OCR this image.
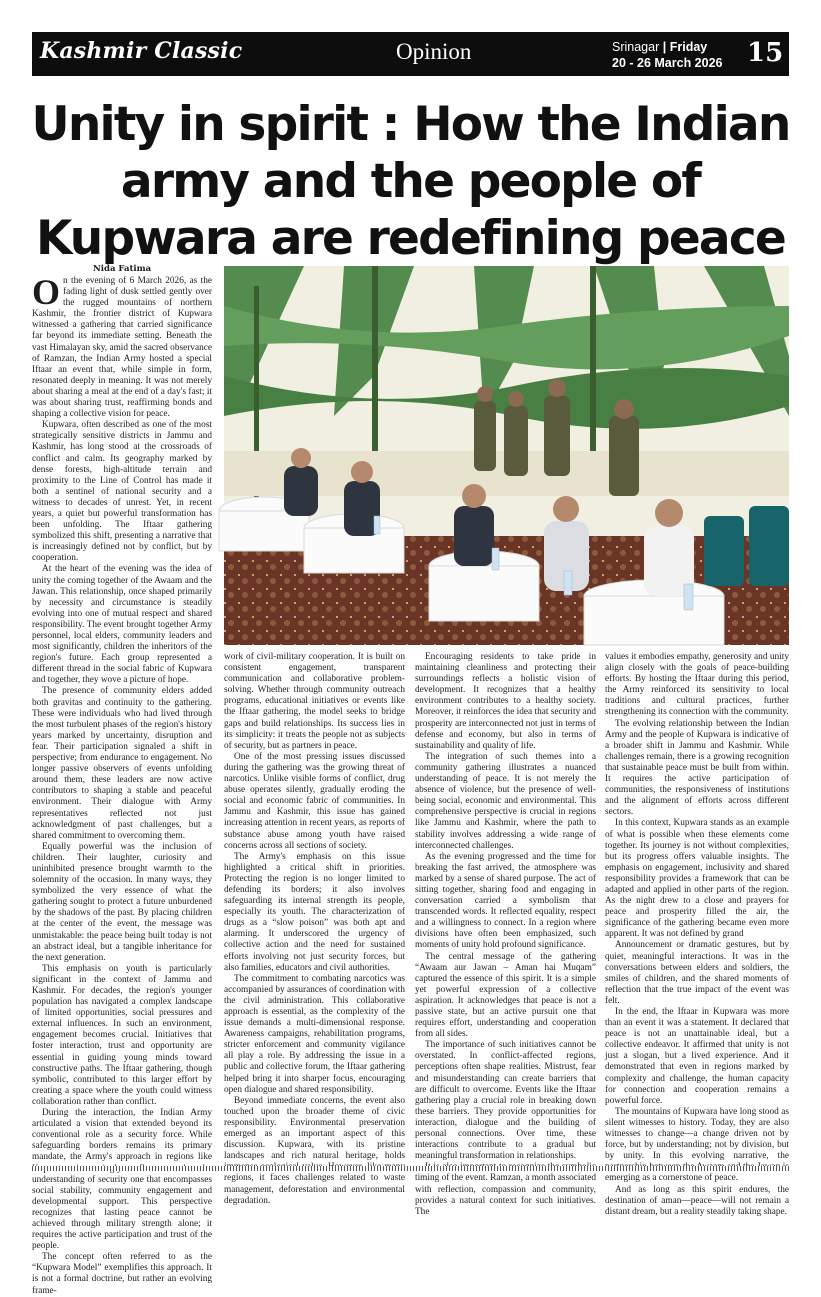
Kashmir Classic	Opinion	Srinagar | Friday
20 - 26 March 2026 15
Unity in spirit : How the Indian army and the people of Kupwara are redefining peace
Nida Fatima

On the evening of 6 March 2026, as the fading light of dusk settled gently over the rugged mountains of northern Kashmir, the frontier district of Kupwara witnessed a gathering that carried significance far beyond its immediate setting. Beneath the vast Himalayan sky, amid the sacred observance of Ramzan, the Indian Army hosted a special Iftaar an event that, while simple in form, resonated deeply in meaning. It was not merely about sharing a meal at the end of a day's fast; it was about sharing trust, reaffirming bonds and shaping a collective vision for peace.

Kupwara, often described as one of the most strategically sensitive districts in Jammu and Kashmir, has long stood at the crossroads of conflict and calm. Its geography marked by dense forests, high-altitude terrain and proximity to the Line of Control has made it both a sentinel of national security and a witness to decades of unrest. Yet, in recent years, a quiet but powerful transformation has been unfolding. The Iftaar gathering symbolized this shift, presenting a narrative that is increasingly defined not by conflict, but by cooperation.

At the heart of the evening was the idea of unity the coming together of the Awaam and the Jawan. This relationship, once shaped primarily by necessity and circumstance is steadily evolving into one of mutual respect and shared responsibility. The event brought together Army personnel, local elders, community leaders and most significantly, children the inheritors of the region's future. Each group represented a different thread in the social fabric of Kupwara and together, they wove a picture of hope.

The presence of community elders added both gravitas and continuity to the gathering. These were individuals who had lived through the most turbulent phases of the region's history years marked by uncertainty, disruption and fear. Their participation signaled a shift in perspective; from endurance to engagement. No longer passive observers of events unfolding around them, these leaders are now active contributors to shaping a stable and peaceful environment. Their dialogue with Army representatives reflected not just acknowledgment of past challenges, but a shared commitment to overcoming them.

Equally powerful was the inclusion of children. Their laughter, curiosity and uninhibited presence brought warmth to the solemnity of the occasion. In many ways, they symbolized the very essence of what the gathering sought to protect a future unburdened by the shadows of the past. By placing children at the center of the event, the message was unmistakable: the peace being built today is not an abstract ideal, but a tangible inheritance for the next generation.

This emphasis on youth is particularly significant in the context of Jammu and Kashmir. For decades, the region's younger population has navigated a complex landscape of limited opportunities, social pressures and external influences. In such an environment, engagement becomes crucial. Initiatives that foster interaction, trust and opportunity are essential in guiding young minds toward constructive paths. The Iftaar gathering, though symbolic, contributed to this larger effort by creating a space where the youth could witness collaboration rather than conflict.

During the interaction, the Indian Army articulated a vision that extended beyond its conventional role as a security force. While safeguarding borders remains its primary mandate, the Army's approach in regions like understanding of security one that encompasses social stability, community engagement and developmental support. This perspective recognizes that lasting peace cannot be achieved through military strength alone; it requires the active participation and trust of the people.

The concept often referred to as the “Kupwara Model” exemplifies this approach. It is not a formal doctrine, but rather an evolving frame-

work of civil-military cooperation. It is built on consistent engagement, transparent communication and collaborative problem-solving. Whether through community outreach programs, educational initiatives or events like the Iftaar gathering, the model seeks to bridge gaps and build relationships. Its success lies in its simplicity: it treats the people not as subjects of security, but as partners in peace.

One of the most pressing issues discussed during the gathering was the growing threat of narcotics. Unlike visible forms of conflict, drug abuse operates silently, gradually eroding the social and economic fabric of communities. In Jammu and Kashmir, this issue has gained increasing attention in recent years, as reports of substance abuse among youth have raised concerns across all sections of society.

The Army's emphasis on this issue highlighted a critical shift in priorities. Protecting the region is no longer limited to defending its borders; it also involves safeguarding its internal strength its people, especially its youth. The characterization of drugs as a “slow poison” was both apt and alarming. It underscored the urgency of collective action and the need for sustained efforts involving not just security forces, but also families, educators and civil authorities.

The commitment to combating narcotics was accompanied by assurances of coordination with the civil administration. This collaborative approach is essential, as the complexity of the issue demands a multi-dimensional response. Awareness campaigns, rehabilitation programs, stricter enforcement and community vigilance all play a role. By addressing the issue in a public and collective forum, the Iftaar gathering helped bring it into sharper focus, encouraging open dialogue and shared responsibility.

Beyond immediate concerns, the event also touched upon the broader theme of civic responsibility. Environmental preservation emerged as an important aspect of this discussion. Kupwara, with its pristine landscapes and rich natural heritage, holds regions, it faces challenges related to waste management, deforestation and environmental degradation.

Encouraging residents to take pride in maintaining cleanliness and protecting their surroundings reflects a holistic vision of development. It recognizes that a healthy environment contributes to a healthy society. Moreover, it reinforces the idea that security and prosperity are interconnected not just in terms of defense and economy, but also in terms of sustainability and quality of life.

The integration of such themes into a community gathering illustrates a nuanced understanding of peace. It is not merely the absence of violence, but the presence of well-being social, economic and environmental. This comprehensive perspective is crucial in regions like Jammu and Kashmir, where the path to stability involves addressing a wide range of interconnected challenges.

As the evening progressed and the time for breaking the fast arrived, the atmosphere was marked by a sense of shared purpose. The act of sitting together, sharing food and engaging in conversation carried a symbolism that transcended words. It reflected equality, respect and a willingness to connect. In a region where divisions have often been emphasized, such moments of unity hold profound significance.

The central message of the gathering “Awaam aur Jawan – Aman hai Muqam” captured the essence of this spirit. It is a simple yet powerful expression of a collective aspiration. It acknowledges that peace is not a passive state, but an active pursuit one that requires effort, understanding and cooperation from all sides.

The importance of such initiatives cannot be overstated. In conflict-affected regions, perceptions often shape realities. Mistrust, fear and misunderstanding can create barriers that are difficult to overcome. Events like the Iftaar gathering play a crucial role in breaking down these barriers. They provide opportunities for interaction, dialogue and the building of personal connections. Over time, these interactions contribute to a gradual but meaningful transformation in relationships.

timing of the event. Ramzan, a month associated with reflection, compassion and community, provides a natural context for such initiatives. The

values it embodies empathy, generosity and unity align closely with the goals of peace-building efforts. By hosting the Iftaar during this period, the Army reinforced its sensitivity to local traditions and cultural practices, further strengthening its connection with the community.

The evolving relationship between the Indian Army and the people of Kupwara is indicative of a broader shift in Jammu and Kashmir. While challenges remain, there is a growing recognition that sustainable peace must be built from within. It requires the active participation of communities, the responsiveness of institutions and the alignment of efforts across different sectors.

In this context, Kupwara stands as an example of what is possible when these elements come together. Its journey is not without complexities, but its progress offers valuable insights. The emphasis on engagement, inclusivity and shared responsibility provides a framework that can be adapted and applied in other parts of the region. As the night drew to a close and prayers for peace and prosperity filled the air, the significance of the gathering became even more apparent. It was not defined by grand

Announcement or dramatic gestures, but by quiet, meaningful interactions. It was in the conversations between elders and soldiers, the smiles of children, and the shared moments of reflection that the true impact of the event was felt.

In the end, the Iftaar in Kupwara was more than an event it was a statement. It declared that peace is not an unattainable ideal, but a collective endeavor. It affirmed that unity is not just a slogan, but a lived experience. And it demonstrated that even in regions marked by complexity and challenge, the human capacity for connection and cooperation remains a powerful force.

The mountains of Kupwara have long stood as silent witnesses to history. Today, they are also witnesses to change—a change driven not by force, but by understanding; not by division, but by unity. In this evolving narrative, the emerging as a cornerstone of peace.

And as long as this spirit endures, the destination of aman—peace—will not remain a distant dream, but a reality steadily taking shape.
